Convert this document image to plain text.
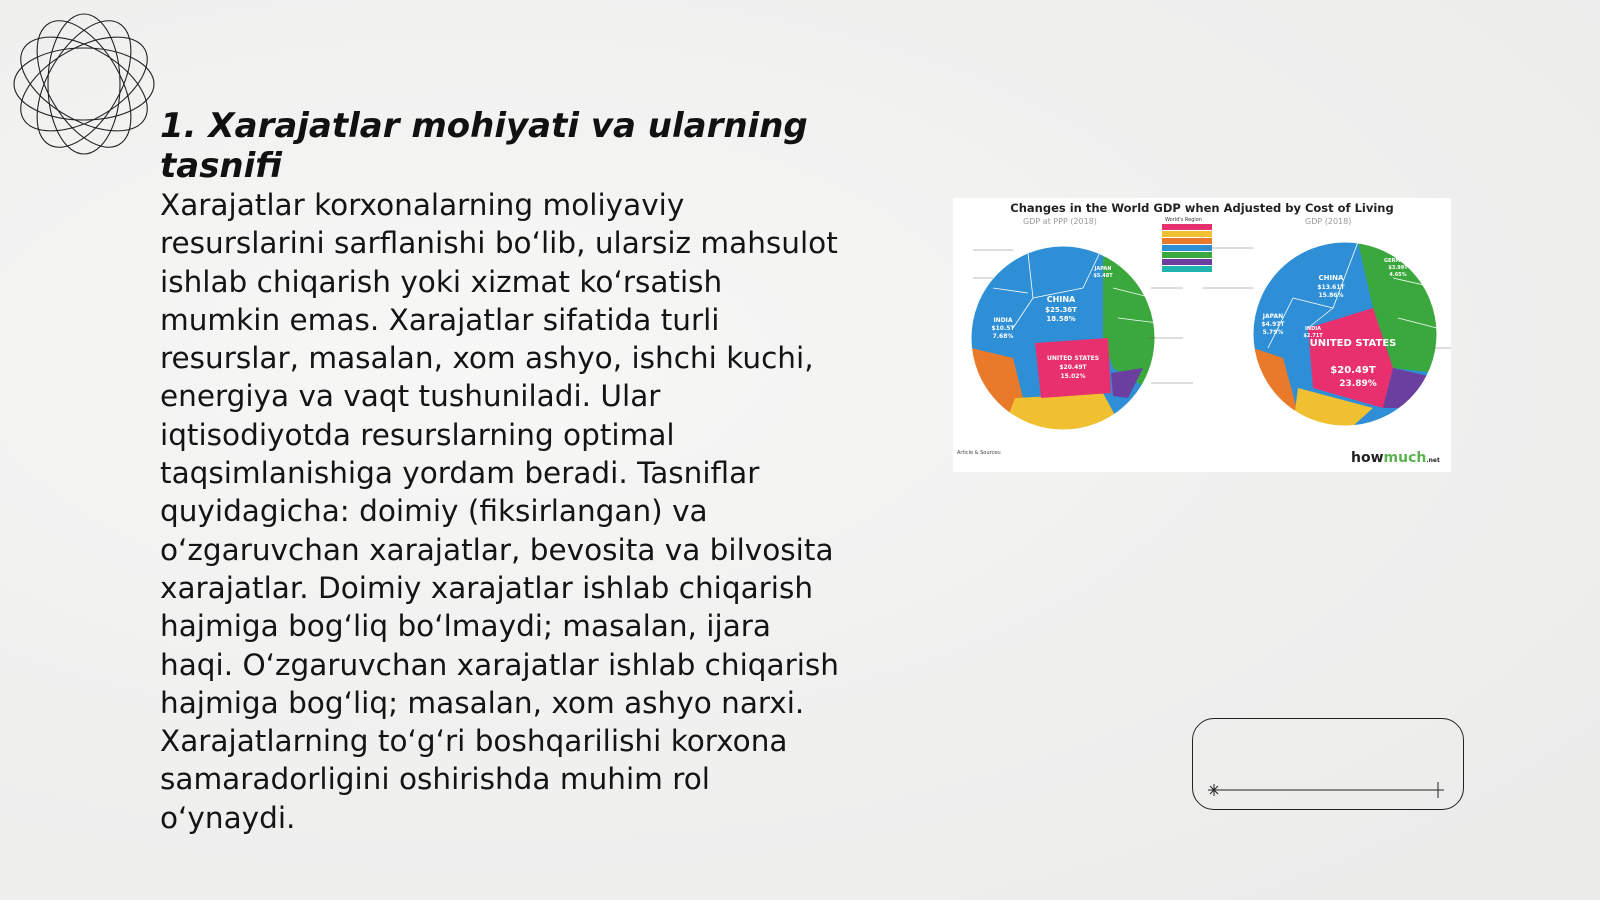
1. Xarajatlar mohiyati va ularning tasnifi

Xarajatlar korxonalarning moliyaviy resurslarini sarflanishi bo‘lib, ularsiz mahsulot ishlab chiqarish yoki xizmat ko‘rsatish mumkin emas. Xarajatlar sifatida turli resurslar, masalan, xom ashyo, ishchi kuchi, energiya va vaqt tushuniladi. Ular iqtisodiyotda resurslarning optimal taqsimlanishiga yordam beradi. Tasniflar quyidagicha: doimiy (fiksirlangan) va o‘zgaruvchan xarajatlar, bevosita va bilvosita xarajatlar. Doimiy xarajatlar ishlab chiqarish hajmiga bog‘liq bo‘lmaydi; masalan, ijara haqi. O‘zgaruvchan xarajatlar ishlab chiqarish hajmiga bog‘liq; masalan, xom ashyo narxi. Xarajatlarning to‘g‘ri boshqarilishi korxona samaradorligini oshirishda muhim rol o‘ynaydi.

Changes in the World GDP when Adjusted by Cost of Living
GDP at PPP (2018)	GDP (2018)
World's Region
CHINA
$25.36T
18.58%
INDIA
$10.5T
7.68%
UNITED STATES
$20.49T
15.02%
JAPAN
$5.48T	CHINA
$13.61T
15.86%
JAPAN
$4.97T
5.79%	INDIA
$2.71T
UNITED STATES
$20.49T
23.89%
GERMANY
$3.99T
4.65%
Article & Sources:	howmuch.net
